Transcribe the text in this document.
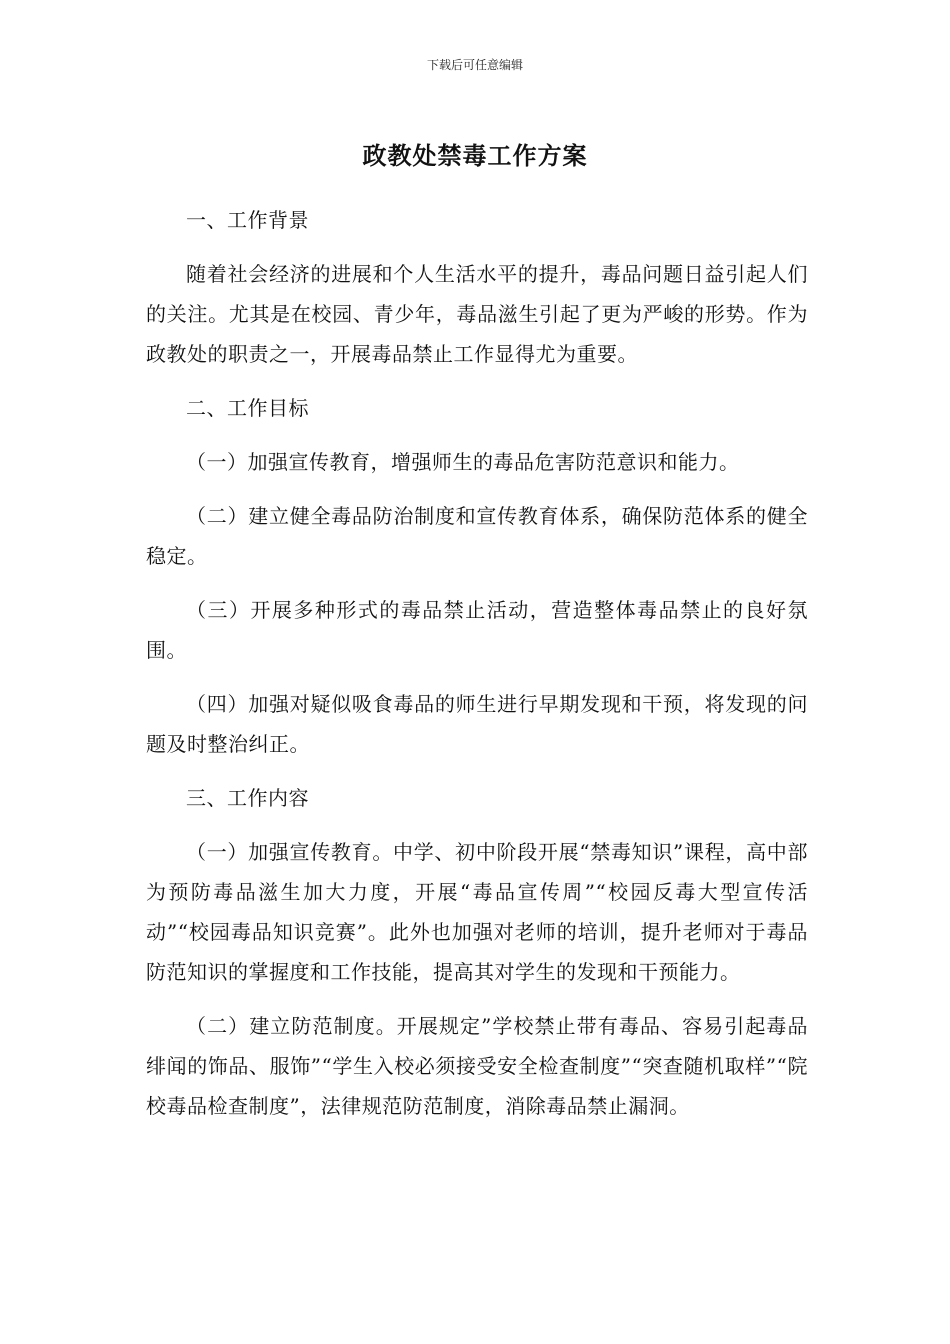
下载后可任意编辑
政教处禁毒工作方案

一、工作背景

随着社会经济的进展和个人生活水平的提升，毒品问题日益引起人们的关注。尤其是在校园、青少年，毒品滋生引起了更为严峻的形势。作为政教处的职责之一，开展毒品禁止工作显得尤为重要。

二、工作目标

（一）加强宣传教育，增强师生的毒品危害防范意识和能力。

（二）建立健全毒品防治制度和宣传教育体系，确保防范体系的健全稳定。

（三）开展多种形式的毒品禁止活动，营造整体毒品禁止的良好氛围。

（四）加强对疑似吸食毒品的师生进行早期发现和干预，将发现的问题及时整治纠正。

三、工作内容

（一）加强宣传教育。中学、初中阶段开展“禁毒知识”课程，高中部为预防毒品滋生加大力度，开展“毒品宣传周”“校园反毒大型宣传活动”“校园毒品知识竞赛”。此外也加强对老师的培训，提升老师对于毒品防范知识的掌握度和工作技能，提高其对学生的发现和干预能力。

（二）建立防范制度。开展规定”学校禁止带有毒品、容易引起毒品绯闻的饰品、服饰”“学生入校必须接受安全检查制度”“突查随机取样”“院校毒品检查制度”，法律规范防范制度，消除毒品禁止漏洞。
